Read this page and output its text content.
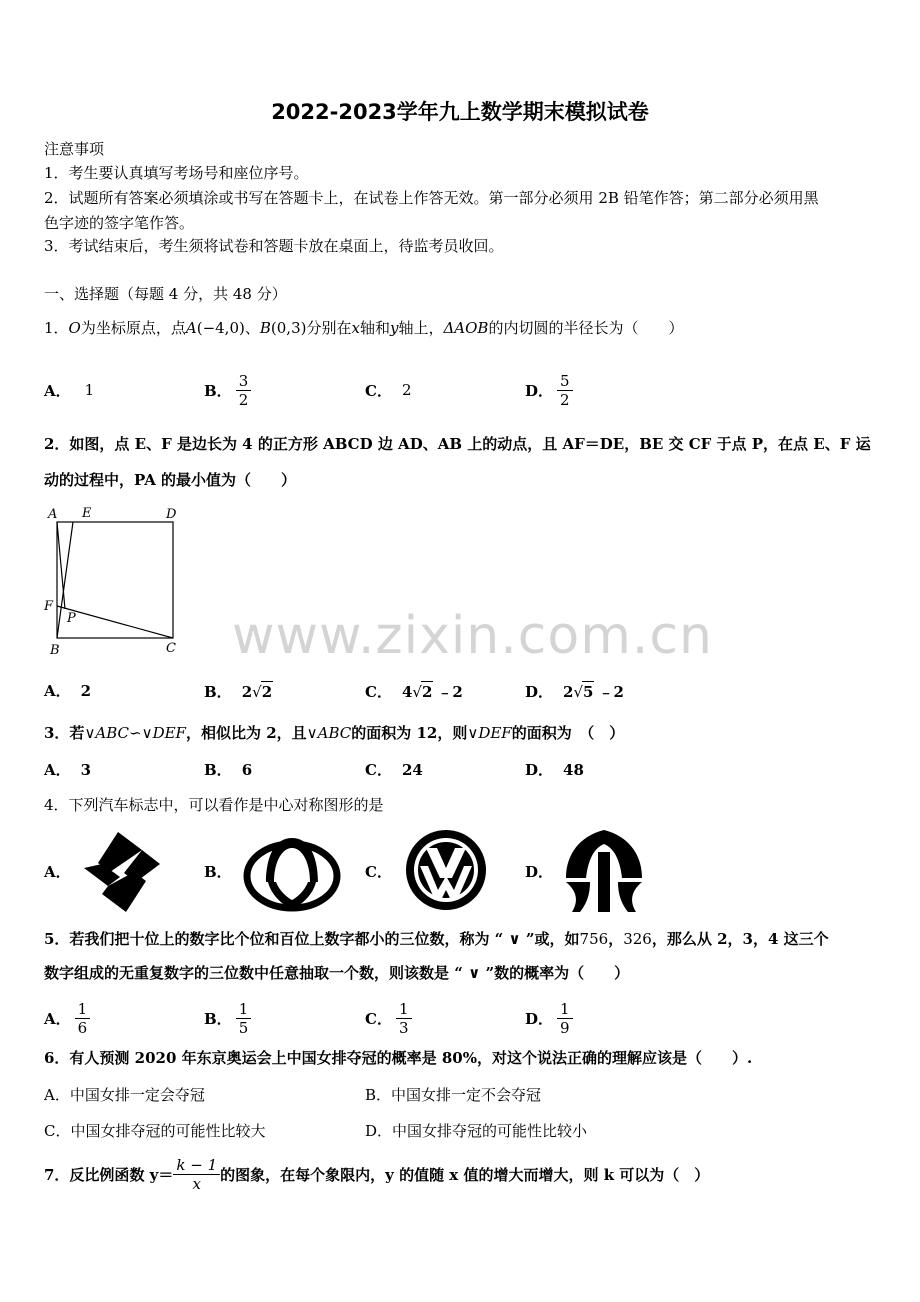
2022-2023学年九上数学期末模拟试卷
注意事项
1．考生要认真填写考场号和座位序号。
2．试题所有答案必须填涂或书写在答题卡上，在试卷上作答无效。第一部分必须用 2B 铅笔作答；第二部分必须用黑
色字迹的签字笔作答。
3．考试结束后，考生须将试卷和答题卡放在桌面上，待监考员收回。
一、选择题（每题 4 分，共 48 分）
1．O为坐标原点，点A(−4,0)、B(0,3)分别在x轴和y轴上，ΔAOB的内切圆的半径长为（　　）
A． 1	B． $\frac{3}{2}$	C． 2	D． $\frac{5}{2}$
2．如图，点 E、F 是边长为 4 的正方形 ABCD 边 AD、AB 上的动点，且 AF＝DE，BE 交 CF 于点 P，在点 E、F 运
动的过程中，PA 的最小值为（　　）
A E	D
F
P
B	C
A． 2	B． 2√2	C． 4√2 ﹣2	D． 2√5 ﹣2
3．若∨ABC∽∨DEF，相似比为 2，且∨ABC的面积为 12，则∨DEF的面积为　（　）
A． 3	B． 6	C． 24	D． 48
4．下列汽车标志中，可以看作是中心对称图形的是
A．	B．	C．	D．
www.zixin.com.cn
5．若我们把十位上的数字比个位和百位上数字都小的三位数，称为 “ ∨ ”或，如756，326，那么从 2，3，4 这三个
数字组成的无重复数字的三位数中任意抽取一个数，则该数是 “ ∨ ”数的概率为（　　）
A． $\frac{1}{6}$	B． $\frac{1}{5}$	C． $\frac{1}{3}$	D． $\frac{1}{9}$
6．有人预测 2020 年东京奥运会上中国女排夺冠的概率是 80%，对这个说法正确的理解应该是（　　）.
A．中国女排一定会夺冠	B．中国女排一定不会夺冠
C．中国女排夺冠的可能性比较大	D．中国女排夺冠的可能性比较小
7．反比例函数 $y= \frac{k - 1}{x}$ 的图象，在每个象限内，y 的值随 x 值的增大而增大，则 k 可以为（　）
